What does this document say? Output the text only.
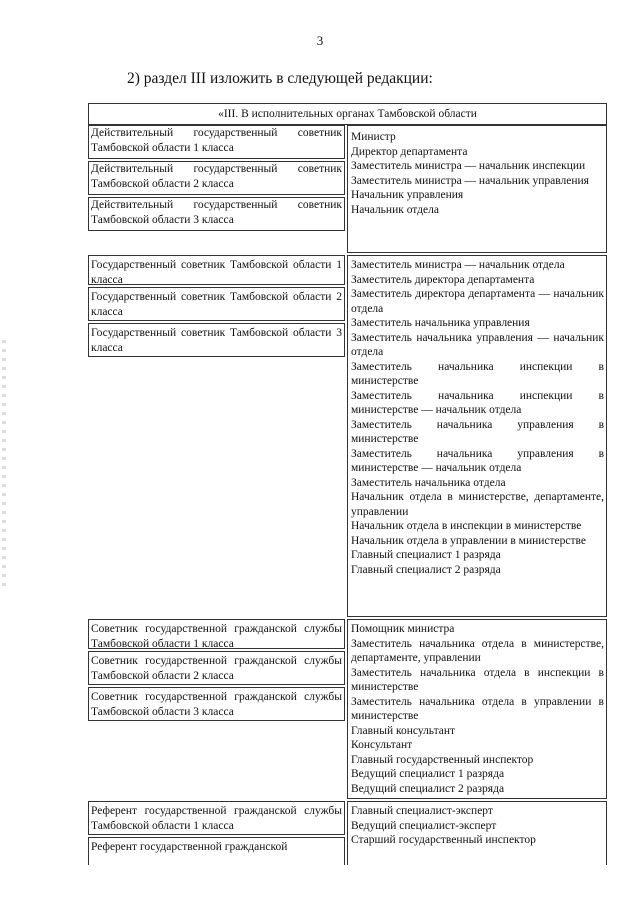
3
2) раздел III изложить в следующей редакции:
«III. В исполнительных органах Тамбовской области
Действительный государственный советник Тамбовской области 1 класса
Действительный государственный советник Тамбовской области 2 класса
Действительный государственный советник Тамбовской области 3 класса

Министр

Директор департамента

Заместитель министра — начальник инспекции

Заместитель министра — начальник управления

Начальник управления

Начальник отдела

Государственный советник Тамбовской области 1 класса
Государственный советник Тамбовской области 2 класса
Государственный советник Тамбовской области 3 класса

Заместитель министра — начальник отдела

Заместитель директора департамента

Заместитель директора департамента — начальник отдела

Заместитель начальника управления

Заместитель начальника управления — начальник отдела

Заместитель начальника инспекции в министерстве

Заместитель начальника инспекции в министерстве — начальник отдела

Заместитель начальника управления в министерстве

Заместитель начальника управления в министерстве — начальник отдела

Заместитель начальника отдела

Начальник отдела в министерстве, департаменте, управлении

Начальник отдела в инспекции в министерстве

Начальник отдела в управлении в министерстве

Главный специалист 1 разряда

Главный специалист 2 разряда

Советник государственной гражданской службы Тамбовской области 1 класса
Советник государственной гражданской службы Тамбовской области 2 класса
Советник государственной гражданской службы Тамбовской области 3 класса

Помощник министра

Заместитель начальника отдела в министерстве, департаменте, управлении

Заместитель начальника отдела в инспекции в министерстве

Заместитель начальника отдела в управлении в министерстве

Главный консультант

Консультант

Главный государственный инспектор

Ведущий специалист 1 разряда

Ведущий специалист 2 разряда

Референт государственной гражданской службы Тамбовской области 1 класса
Референт государственной гражданской

Главный специалист-эксперт

Ведущий специалист-эксперт

Старший государственный инспектор
